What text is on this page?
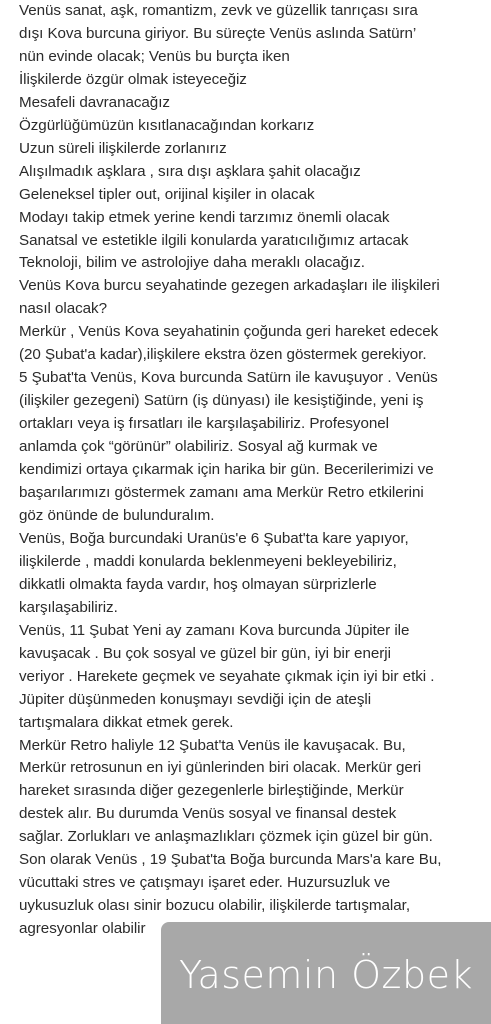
Venüs sanat, aşk, romantizm, zevk ve güzellik tanrıçası sıra
dışı Kova burcuna giriyor. Bu süreçte Venüs aslında Satürn’
nün evinde olacak; Venüs bu burçta iken
İlişkilerde özgür olmak isteyeceğiz
Mesafeli davranacağız
Özgürlüğümüzün kısıtlanacağından korkarız
Uzun süreli ilişkilerde zorlanırız
Alışılmadık aşklara , sıra dışı aşklara şahit olacağız
Geleneksel tipler out, orijinal kişiler in olacak
Modayı takip etmek yerine kendi tarzımız önemli olacak
Sanatsal ve estetikle ilgili konularda yaratıcılığımız artacak
Teknoloji, bilim ve astrolojiye daha meraklı olacağız.
Venüs Kova burcu seyahatinde gezegen arkadaşları ile ilişkileri
nasıl olacak?
Merkür , Venüs Kova seyahatinin çoğunda geri hareket edecek
(20 Şubat'a kadar),ilişkilere ekstra özen göstermek gerekiyor.
5 Şubat'ta Venüs, Kova burcunda Satürn ile kavuşuyor . Venüs
(ilişkiler gezegeni) Satürn (iş dünyası) ile kesiştiğinde, yeni iş
ortakları veya iş fırsatları ile karşılaşabiliriz. Profesyonel
anlamda çok “görünür” olabiliriz. Sosyal ağ kurmak ve
kendimizi ortaya çıkarmak için harika bir gün. Becerilerimizi ve
başarılarımızı göstermek zamanı ama Merkür Retro etkilerini
göz önünde de bulunduralım.
Venüs, Boğa burcundaki Uranüs'e 6 Şubat'ta kare yapıyor,
ilişkilerde , maddi konularda beklenmeyeni bekleyebiliriz,
dikkatli olmakta fayda vardır, hoş olmayan sürprizlerle
karşılaşabiliriz.
Venüs, 11 Şubat Yeni ay zamanı Kova burcunda Jüpiter ile
kavuşacak . Bu çok sosyal ve güzel bir gün, iyi bir enerji
veriyor . Harekete geçmek ve seyahate çıkmak için iyi bir etki .
Jüpiter düşünmeden konuşmayı sevdiği için de ateşli
tartışmalara dikkat etmek gerek.
Merkür Retro haliyle 12 Şubat'ta Venüs ile kavuşacak. Bu,
Merkür retrosunun en iyi günlerinden biri olacak. Merkür geri
hareket sırasında diğer gezegenlerle birleştiğinde, Merkür
destek alır. Bu durumda Venüs sosyal ve finansal destek
sağlar. Zorlukları ve anlaşmazlıkları çözmek için güzel bir gün.
Son olarak Venüs , 19 Şubat'ta Boğa burcunda Mars'a kare Bu,
vücuttaki stres ve çatışmayı işaret eder. Huzursuzluk ve
uykusuzluk olası sinir bozucu olabilir, ilişkilerde tartışmalar,
agresyonlar olabilir
Yasemin Özbek
